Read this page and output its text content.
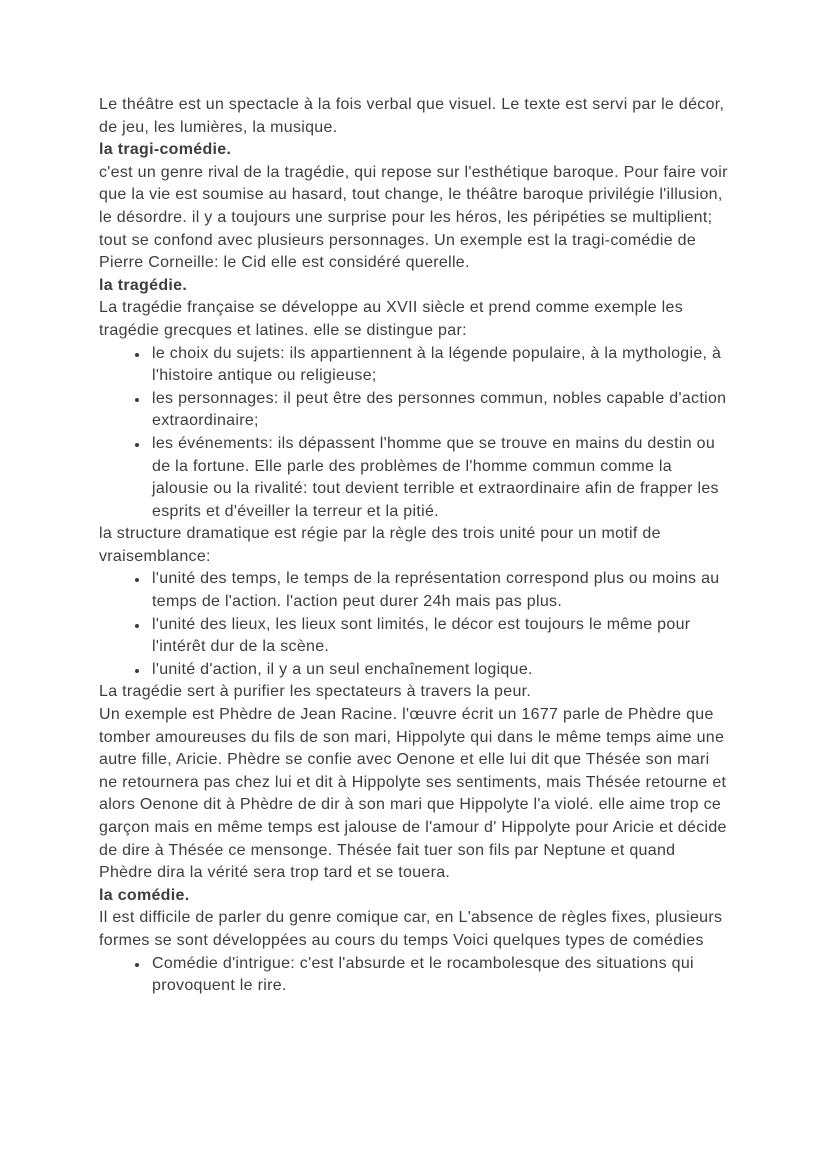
Le théâtre est un spectacle à la fois verbal que visuel. Le texte est servi par le décor, de jeu, les lumières, la musique.

la tragi-comédie.

c'est un genre rival de la tragédie, qui repose sur l'esthétique baroque. Pour faire voir que la vie est soumise au hasard, tout change, le théâtre baroque privilégie l'illusion, le désordre. il y a toujours une surprise pour les héros, les péripéties se multiplient; tout se confond avec plusieurs personnages. Un exemple est la tragi-comédie de Pierre Corneille: le Cid elle est considéré querelle.

la tragédie.

La tragédie française se développe au XVII siècle et prend comme exemple les tragédie grecques et latines. elle se distingue par:

• le choix du sujets: ils appartiennent à la légende populaire, à la mythologie, à l'histoire antique ou religieuse;
• les personnages: il peut être des personnes commun, nobles capable d'action extraordinaire;
• les événements: ils dépassent l'homme que se trouve en mains du destin ou de la fortune. Elle parle des problèmes de l'homme commun comme la jalousie ou la rivalité: tout devient terrible et extraordinaire afin de frapper les esprits et d'éveiller la terreur et la pitié.

la structure dramatique est régie par la règle des trois unité pour un motif de vraisemblance:

• l'unité des temps, le temps de la représentation correspond plus ou moins au temps de l'action. l'action peut durer 24h mais pas plus.
• l'unité des lieux, les lieux sont limités, le décor est toujours le même pour l'intérêt dur de la scène.
• l'unité d'action, il y a un seul enchaînement logique.

La tragédie sert à purifier les spectateurs à travers la peur.

Un exemple est Phèdre de Jean Racine. l'œuvre écrit un 1677 parle de Phèdre que tomber amoureuses du fils de son mari, Hippolyte qui dans le même temps aime une autre fille, Aricie. Phèdre se confie avec Oenone et elle lui dit que Thésée son mari ne retournera pas chez lui et dit à Hippolyte ses sentiments, mais Thésée retourne et alors Oenone dit à Phèdre de dir à son mari que Hippolyte l'a violé. elle aime trop ce garçon mais en même temps est jalouse de l'amour d' Hippolyte pour Aricie et décide de dire à Thésée ce mensonge. Thésée fait tuer son fils par Neptune et quand Phèdre dira la vérité sera trop tard et se touera.

la comédie.

Il est difficile de parler du genre comique car, en L'absence de règles fixes, plusieurs formes se sont développées au cours du temps Voici quelques types de comédies

• Comédie d'intrigue: c'est l'absurde et le rocambolesque des situations qui provoquent le rire.
